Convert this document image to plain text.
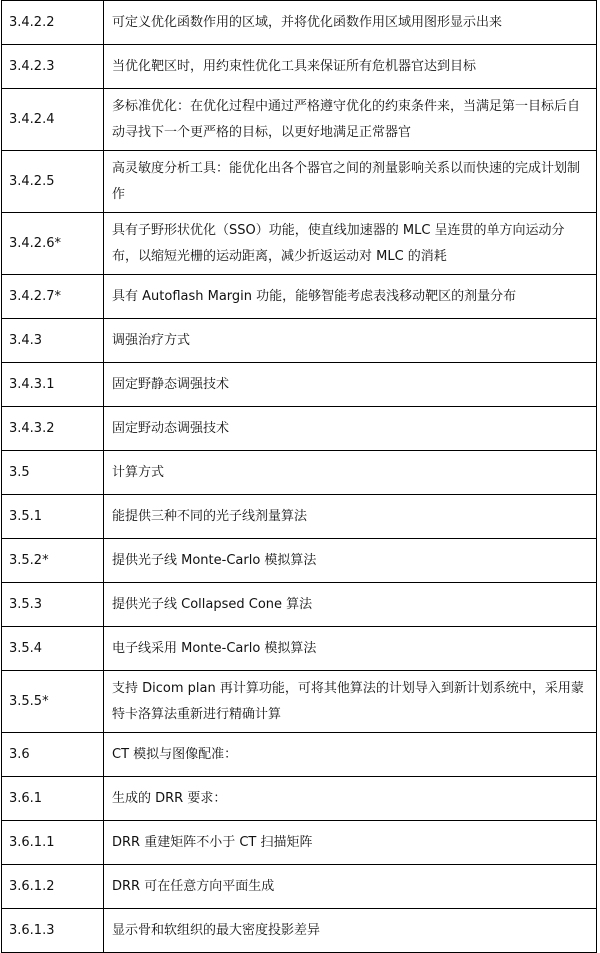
3.4.2.2	可定义优化函数作用的区域，并将优化函数作用区域用图形显示出来
3.4.2.3	当优化靶区时，用约束性优化工具来保证所有危机器官达到目标
3.4.2.4	多标准优化：在优化过程中通过严格遵守优化的约束条件来，当满足第一目标后自动寻找下一个更严格的目标，以更好地满足正常器官
3.4.2.5	高灵敏度分析工具：能优化出各个器官之间的剂量影响关系以而快速的完成计划制作
3.4.2.6*	具有子野形状优化（SSO）功能，使直线加速器的 MLC 呈连贯的单方向运动分布，以缩短光栅的运动距离，减少折返运动对 MLC 的消耗
3.4.2.7*	具有 Autoflash Margin 功能，能够智能考虑表浅移动靶区的剂量分布
3.4.3	调强治疗方式
3.4.3.1	固定野静态调强技术
3.4.3.2	固定野动态调强技术
3.5	计算方式
3.5.1	能提供三种不同的光子线剂量算法
3.5.2*	提供光子线 Monte-Carlo 模拟算法
3.5.3	提供光子线 Collapsed Cone 算法
3.5.4	电子线采用 Monte-Carlo 模拟算法
3.5.5*	支持 Dicom plan 再计算功能，可将其他算法的计划导入到新计划系统中，采用蒙特卡洛算法重新进行精确计算
3.6	CT 模拟与图像配准：
3.6.1	生成的 DRR 要求：
3.6.1.1	DRR 重建矩阵不小于 CT 扫描矩阵
3.6.1.2	DRR 可在任意方向平面生成
3.6.1.3	显示骨和软组织的最大密度投影差异
